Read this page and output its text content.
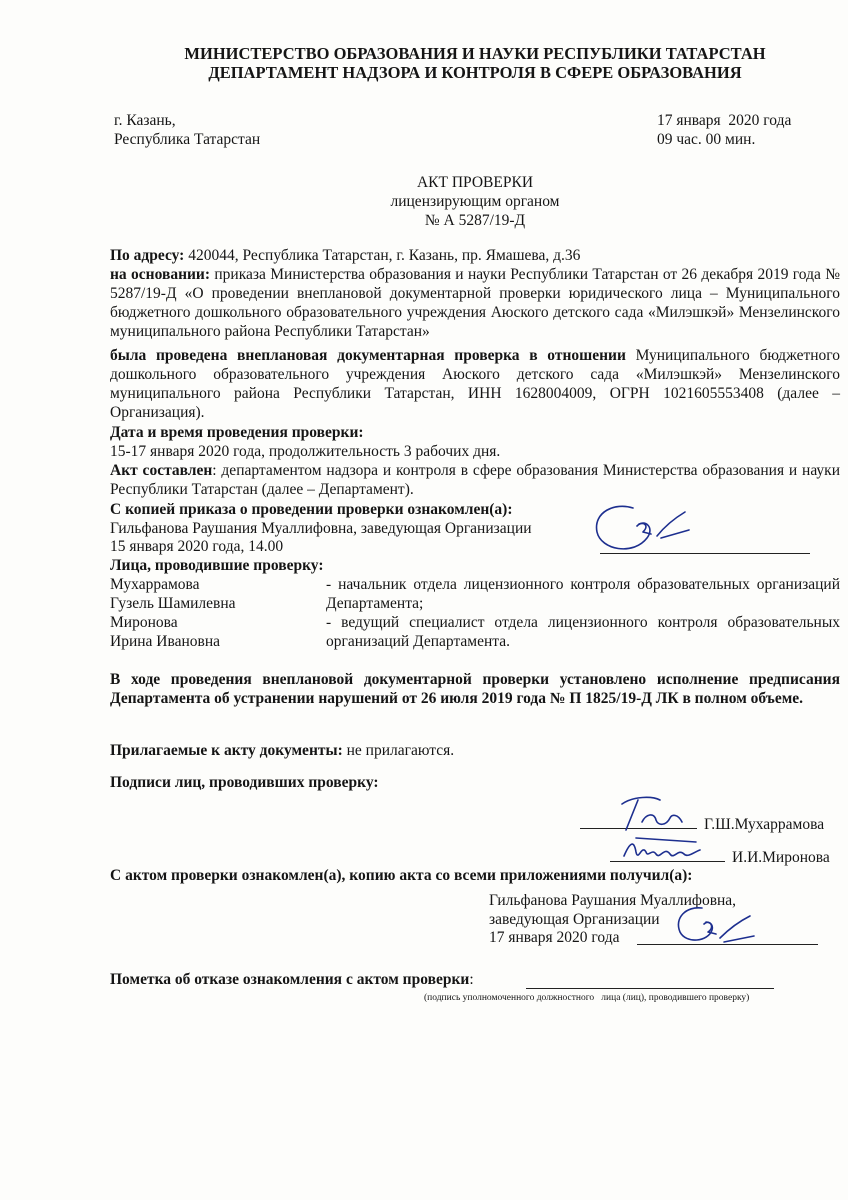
МИНИСТЕРСТВО ОБРАЗОВАНИЯ И НАУКИ РЕСПУБЛИКИ ТАТАРСТАН

ДЕПАРТАМЕНТ НАДЗОРА И КОНТРОЛЯ В СФЕРЕ ОБРАЗОВАНИЯ

г. Казань,

Республика Татарстан

17 января  2020 года

09 час. 00 мин.

АКТ ПРОВЕРКИ

лицензирующим органом

№ А 5287/19-Д

По адресу: 420044, Республика Татарстан, г. Казань, пр. Ямашева, д.36

на основании: приказа Министерства образования и науки Республики Татарстан от 26 декабря 2019 года № 5287/19-Д «О проведении внеплановой документарной проверки юридического лица – Муниципального бюджетного дошкольного образовательного учреждения Аюского детского сада «Милэшкэй» Мензелинского муниципального района Республики Татарстан»

была проведена внеплановая документарная проверка в отношении Муниципального бюджетного дошкольного образовательного учреждения Аюского детского сада «Милэшкэй» Мензелинского муниципального района Республики Татарстан, ИНН 1628004009, ОГРН 1021605553408 (далее – Организация).

Дата и время проведения проверки:

15-17 января 2020 года, продолжительность 3 рабочих дня.

Акт составлен: департаментом надзора и контроля в сфере образования Министерства образования и науки Республики Татарстан (далее – Департамент).

С копией приказа о проведении проверки ознакомлен(а):

Гильфанова Раушания Муаллифовна, заведующая Организации

15 января 2020 года, 14.00

Лица, проводившие проверку:

Мухаррамова

Гузель Шамилевна

- начальник отдела лицензионного контроля образовательных организаций Департамента;

Миронова

Ирина Ивановна

- ведущий специалист отдела лицензионного контроля образовательных организаций Департамента.

В ходе проведения внеплановой документарной проверки установлено исполнение предписания Департамента об устранении нарушений от 26 июля 2019 года № П 1825/19-Д ЛК в полном объеме.

Прилагаемые к акту документы: не прилагаются.

Подписи лиц, проводивших проверку:

Г.Ш.Мухаррамова

И.И.Миронова

С актом проверки ознакомлен(а), копию акта со всеми приложениями получил(а):

Гильфанова Раушания Муаллифовна,

заведующая Организации

17 января 2020 года

Пометка об отказе ознакомления с актом проверки:

(подпись уполномоченного должностного   лица (лиц), проводившего проверку)
